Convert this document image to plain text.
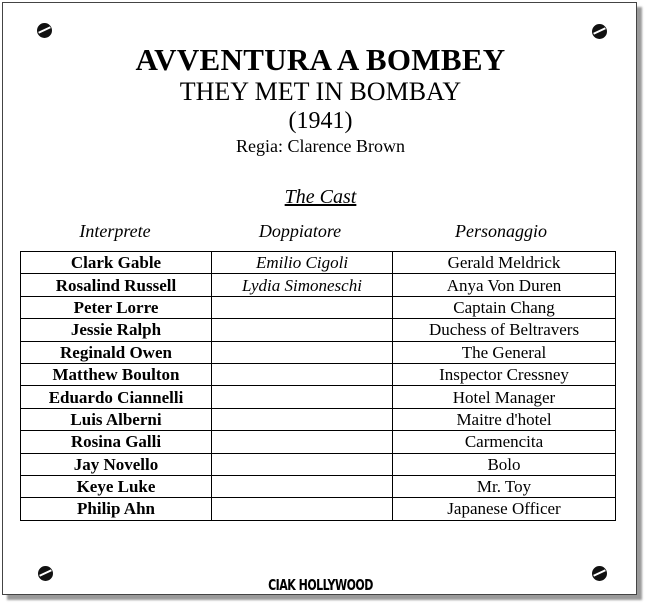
AVVENTURA A BOMBEY
THEY MET IN BOMBAY
(1941)
Regia: Clarence Brown
The Cast
Interprete	Doppiatore	Personaggio
Clark Gable	Emilio Cigoli	Gerald Meldrick
Rosalind Russell	Lydia Simoneschi	Anya Von Duren
Peter Lorre		Captain Chang
Jessie Ralph		Duchess of Beltravers
Reginald Owen		The General
Matthew Boulton		Inspector Cressney
Eduardo Ciannelli		Hotel Manager
Luis Alberni		Maitre d'hotel
Rosina Galli		Carmencita
Jay Novello		Bolo
Keye Luke		Mr. Toy
Philip Ahn		Japanese Officer
CIAK HOLLYWOOD
